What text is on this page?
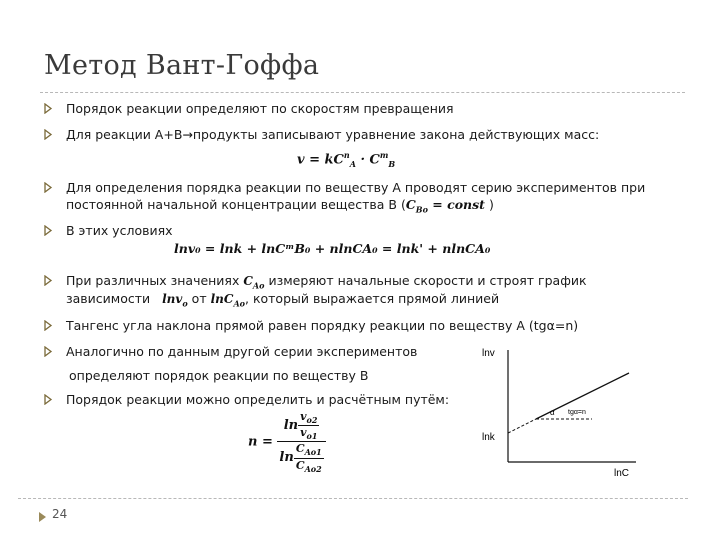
Метод Вант-Гоффа
Порядок реакции определяют по скоростям превращения
Для реакции А+В→продукты записывают уравнение закона действующих масс:
$v = kC^n_A \cdot C^m_B$
Для определения порядка реакции по веществу А проводят серию экспериментов при
постоянной начальной концентрации вещества В ($C_{Bo}$ = const )
В этих условиях
lnv₀ = lnk + lnCᵐB₀ + nlnCA₀ = lnk' + nlnCA₀
При различных значениях $C_{Ao}$ измеряют начальные скорости и строят график
зависимости lnv$_o$ от lnC$_{Ao}$, который выражается прямой линией
Тангенс угла наклона прямой равен порядку реакции по веществу А (tgα=n)
Аналогично по данным другой серии экспериментов
определяют порядок реакции по веществу В
Порядок реакции можно определить и расчётным путём:
$n = \frac{\ln \frac{v_{o2}}{v_{o1}}}{\ln \frac{C_{Ao1}}{C_{Ao2}}}$
lnv
lnC
lnk
α tgα=n
24
